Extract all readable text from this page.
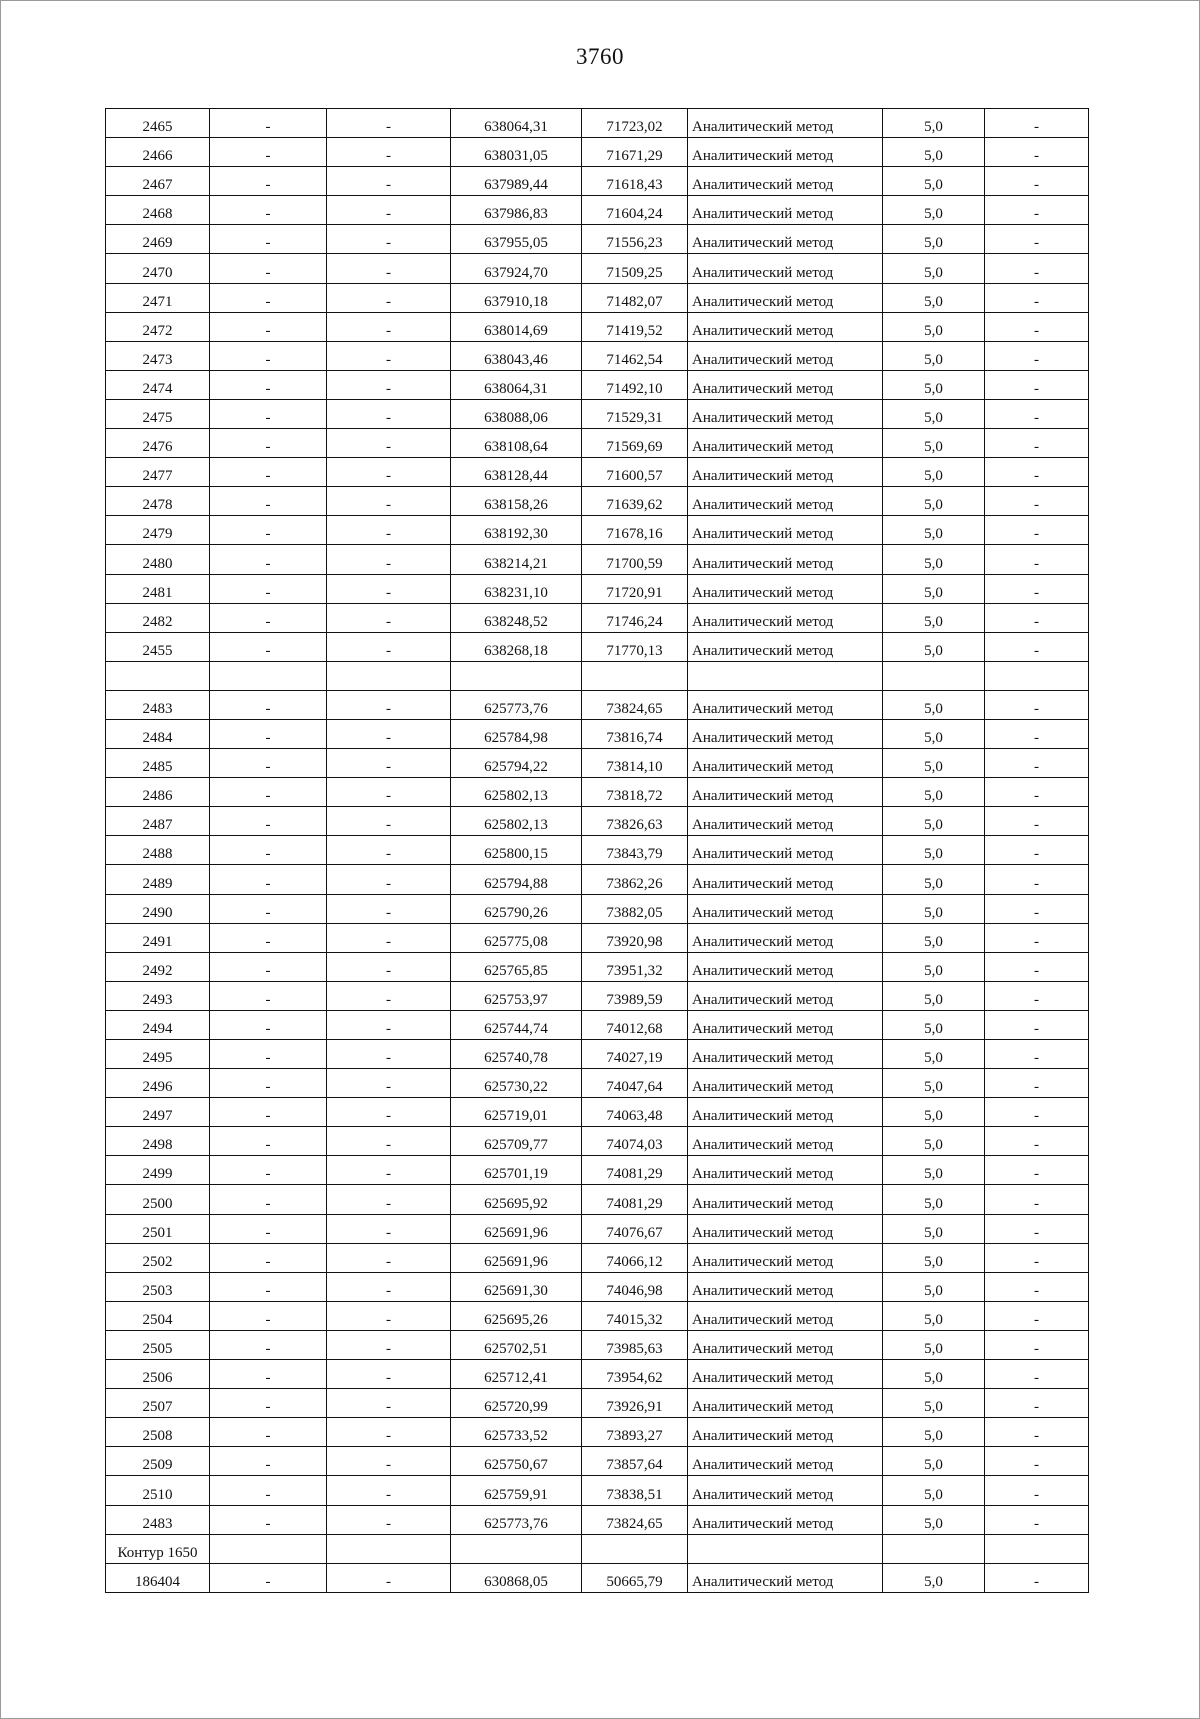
3760
2465	-	-	638064,31	71723,02	Аналитический метод	5,0	-
2466	-	-	638031,05	71671,29	Аналитический метод	5,0	-
2467	-	-	637989,44	71618,43	Аналитический метод	5,0	-
2468	-	-	637986,83	71604,24	Аналитический метод	5,0	-
2469	-	-	637955,05	71556,23	Аналитический метод	5,0	-
2470	-	-	637924,70	71509,25	Аналитический метод	5,0	-
2471	-	-	637910,18	71482,07	Аналитический метод	5,0	-
2472	-	-	638014,69	71419,52	Аналитический метод	5,0	-
2473	-	-	638043,46	71462,54	Аналитический метод	5,0	-
2474	-	-	638064,31	71492,10	Аналитический метод	5,0	-
2475	-	-	638088,06	71529,31	Аналитический метод	5,0	-
2476	-	-	638108,64	71569,69	Аналитический метод	5,0	-
2477	-	-	638128,44	71600,57	Аналитический метод	5,0	-
2478	-	-	638158,26	71639,62	Аналитический метод	5,0	-
2479	-	-	638192,30	71678,16	Аналитический метод	5,0	-
2480	-	-	638214,21	71700,59	Аналитический метод	5,0	-
2481	-	-	638231,10	71720,91	Аналитический метод	5,0	-
2482	-	-	638248,52	71746,24	Аналитический метод	5,0	-
2455	-	-	638268,18	71770,13	Аналитический метод	5,0	-

2483	-	-	625773,76	73824,65	Аналитический метод	5,0	-
2484	-	-	625784,98	73816,74	Аналитический метод	5,0	-
2485	-	-	625794,22	73814,10	Аналитический метод	5,0	-
2486	-	-	625802,13	73818,72	Аналитический метод	5,0	-
2487	-	-	625802,13	73826,63	Аналитический метод	5,0	-
2488	-	-	625800,15	73843,79	Аналитический метод	5,0	-
2489	-	-	625794,88	73862,26	Аналитический метод	5,0	-
2490	-	-	625790,26	73882,05	Аналитический метод	5,0	-
2491	-	-	625775,08	73920,98	Аналитический метод	5,0	-
2492	-	-	625765,85	73951,32	Аналитический метод	5,0	-
2493	-	-	625753,97	73989,59	Аналитический метод	5,0	-
2494	-	-	625744,74	74012,68	Аналитический метод	5,0	-
2495	-	-	625740,78	74027,19	Аналитический метод	5,0	-
2496	-	-	625730,22	74047,64	Аналитический метод	5,0	-
2497	-	-	625719,01	74063,48	Аналитический метод	5,0	-
2498	-	-	625709,77	74074,03	Аналитический метод	5,0	-
2499	-	-	625701,19	74081,29	Аналитический метод	5,0	-
2500	-	-	625695,92	74081,29	Аналитический метод	5,0	-
2501	-	-	625691,96	74076,67	Аналитический метод	5,0	-
2502	-	-	625691,96	74066,12	Аналитический метод	5,0	-
2503	-	-	625691,30	74046,98	Аналитический метод	5,0	-
2504	-	-	625695,26	74015,32	Аналитический метод	5,0	-
2505	-	-	625702,51	73985,63	Аналитический метод	5,0	-
2506	-	-	625712,41	73954,62	Аналитический метод	5,0	-
2507	-	-	625720,99	73926,91	Аналитический метод	5,0	-
2508	-	-	625733,52	73893,27	Аналитический метод	5,0	-
2509	-	-	625750,67	73857,64	Аналитический метод	5,0	-
2510	-	-	625759,91	73838,51	Аналитический метод	5,0	-
2483	-	-	625773,76	73824,65	Аналитический метод	5,0	-
Контур 1650							
186404	-	-	630868,05	50665,79	Аналитический метод	5,0	-
